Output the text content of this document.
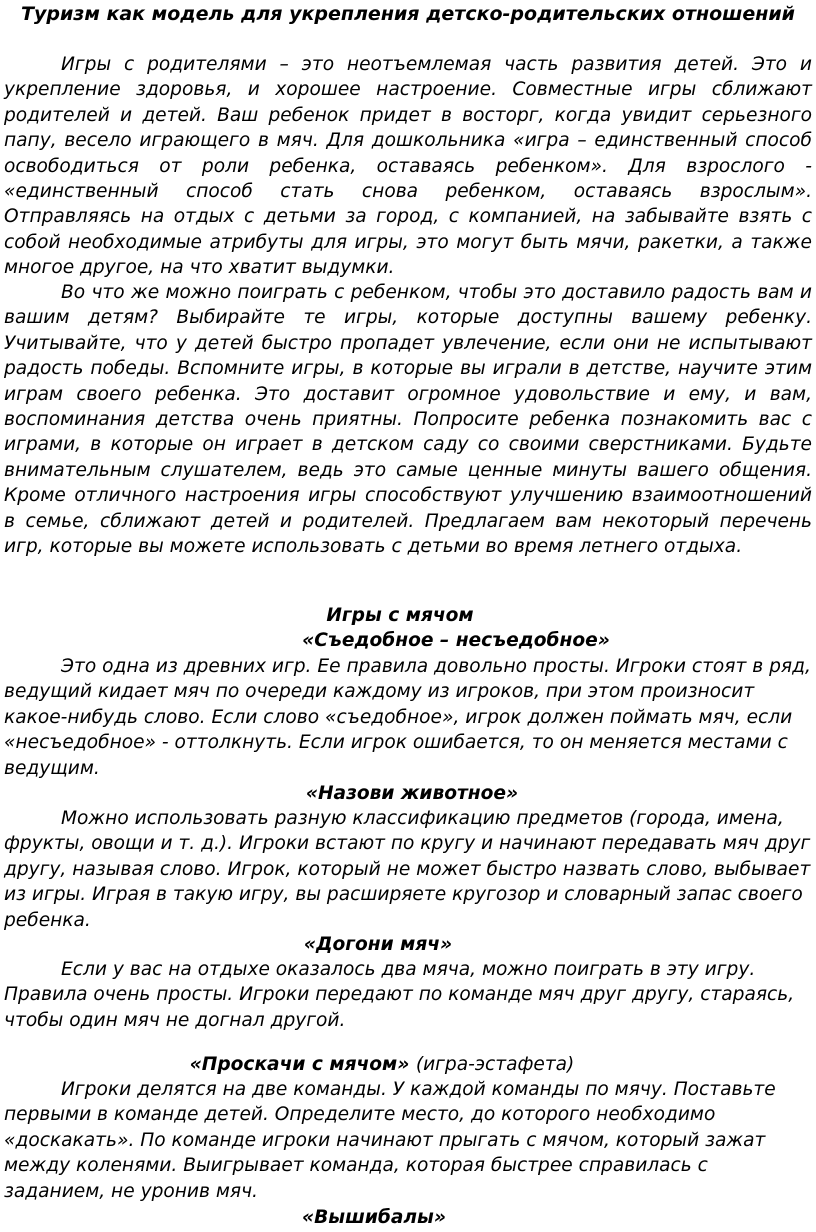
Туризм как модель для укрепления детско-родительских отношений

Игры с родителями – это неотъемлемая часть развития детей. Это и укрепление здоровья, и хорошее настроение. Совместные игры сближают родителей и детей. Ваш ребенок придет в восторг, когда увидит серьезного папу, весело играющего в мяч. Для дошкольника «игра – единственный способ освободиться от роли ребенка, оставаясь ребенком». Для взрослого - «единственный способ стать снова ребенком, оставаясь взрослым». Отправляясь на отдых с детьми за город, с компанией, на забывайте взять с собой необходимые атрибуты для игры, это могут быть мячи, ракетки, а также многое другое, на что хватит выдумки.

Во что же можно поиграть с ребенком, чтобы это доставило радость вам и вашим детям? Выбирайте те игры, которые доступны вашему ребенку. Учитывайте, что у детей быстро пропадет увлечение, если они не испытывают радость победы. Вспомните игры, в которые вы играли в детстве, научите этим играм своего ребенка. Это доставит огромное удовольствие и ему, и вам, воспоминания детства очень приятны. Попросите ребенка познакомить вас с играми, в которые он играет в детском саду со своими сверстниками. Будьте внимательным слушателем, ведь это самые ценные минуты вашего общения. Кроме отличного настроения игры способствуют улучшению взаимоотношений в семье, сближают детей и родителей. Предлагаем вам некоторый перечень игр, которые вы можете использовать с детьми во время летнего отдыха.

Игры с мячом
«Съедобное – несъедобное»

Это одна из древних игр. Ее правила довольно просты. Игроки стоят в ряд, ведущий кидает мяч по очереди каждому из игроков, при этом произносит какое-нибудь слово. Если слово «съедобное», игрок должен поймать мяч, если «несъедобное» - оттолкнуть. Если игрок ошибается, то он меняется местами с ведущим.

«Назови животное»

Можно использовать разную классификацию предметов (города, имена, фрукты, овощи и т. д.). Игроки встают по кругу и начинают передавать мяч друг другу, называя слово. Игрок, который не может быстро назвать слово, выбывает из игры. Играя в такую игру, вы расширяете кругозор и словарный запас своего ребенка.

«Догони мяч»

Если у вас на отдыхе оказалось два мяча, можно поиграть в эту игру. Правила очень просты. Игроки передают по команде мяч друг другу, стараясь, чтобы один мяч не догнал другой.

«Проскачи с мячом» (игра-эстафета)

Игроки делятся на две команды. У каждой команды по мячу. Поставьте первыми в команде детей. Определите место, до которого необходимо «доскакать». По команде игроки начинают прыгать с мячом, который зажат между коленями. Выигрывает команда, которая быстрее справилась с заданием, не уронив мяч.

«Вышибалы»
